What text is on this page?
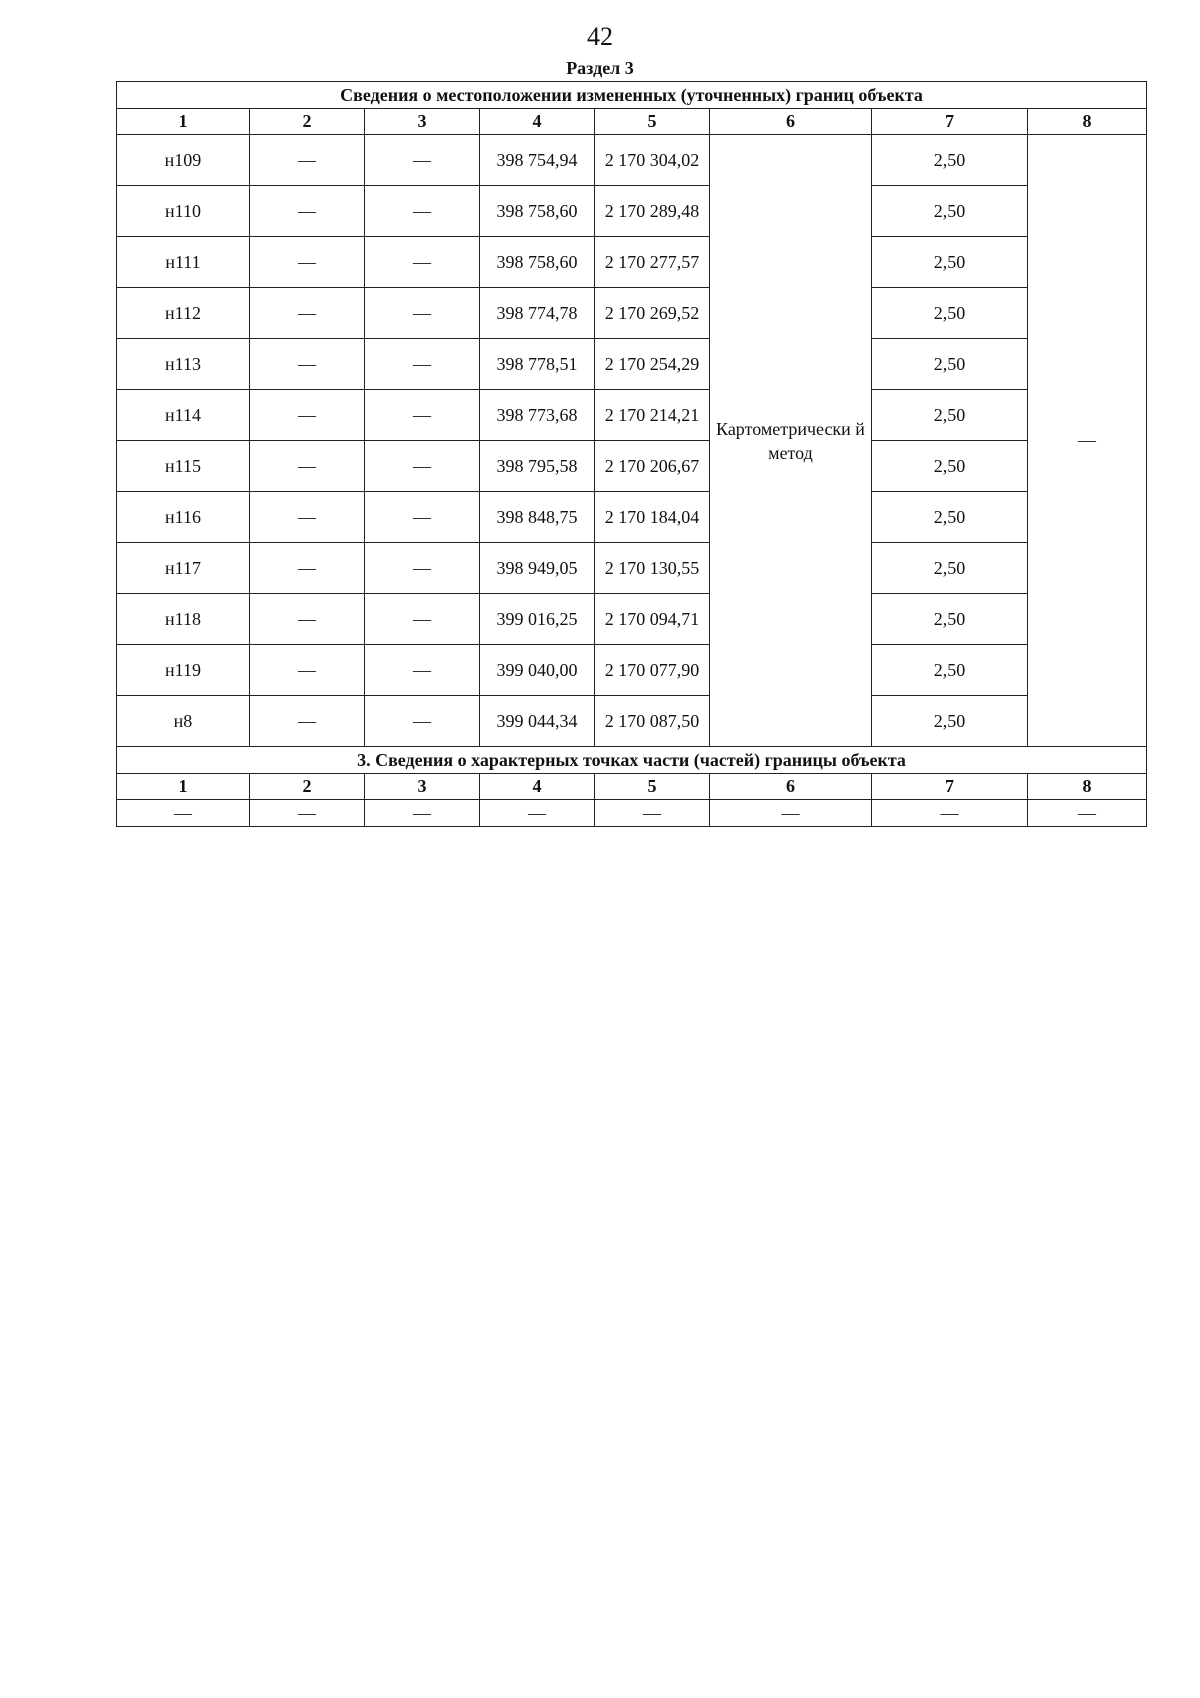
42
Раздел 3
Сведения о местоположении измененных (уточненных) границ объекта							
1	2	3	4	5	6	7	8
н109	—	—	398 754,94	2 170 304,02	Картометрически й метод	2,50	—
н110	—	—	398 758,60	2 170 289,48		2,50	
н111	—	—	398 758,60	2 170 277,57		2,50	
н112	—	—	398 774,78	2 170 269,52		2,50	
н113	—	—	398 778,51	2 170 254,29		2,50	
н114	—	—	398 773,68	2 170 214,21		2,50	
н115	—	—	398 795,58	2 170 206,67		2,50	
н116	—	—	398 848,75	2 170 184,04		2,50	
н117	—	—	398 949,05	2 170 130,55		2,50	
н118	—	—	399 016,25	2 170 094,71		2,50	
н119	—	—	399 040,00	2 170 077,90		2,50	
н8	—	—	399 044,34	2 170 087,50		2,50	
3. Сведения о характерных точках части (частей) границы объекта							
1	2	3	4	5	6	7	8
—	—	—	—	—	—	—	—
